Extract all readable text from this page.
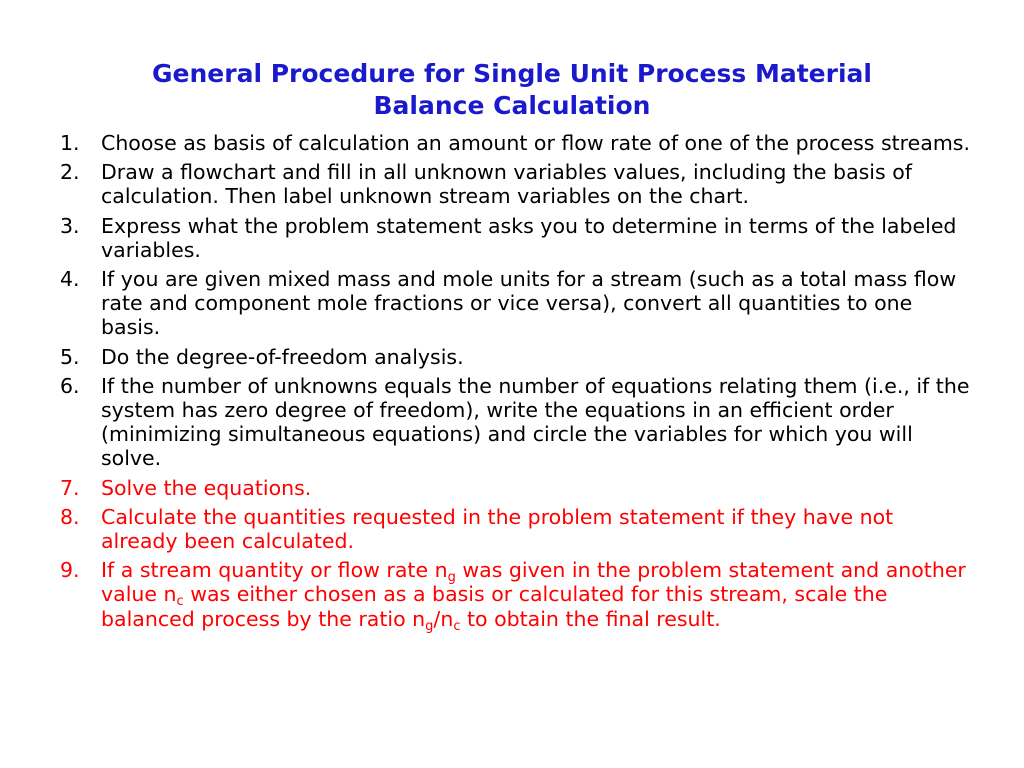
General Procedure for Single Unit Process Material
Balance Calculation
1. Choose as basis of calculation an amount or flow rate of one of the process streams.
2. Draw a flowchart and fill in all unknown variables values, including the basis of calculation. Then label unknown stream variables on the chart.
3. Express what the problem statement asks you to determine in terms of the labeled variables.
4. If you are given mixed mass and mole units for a stream (such as a total mass flow rate and component mole fractions or vice versa), convert all quantities to one basis.
5. Do the degree-of-freedom analysis.
6. If the number of unknowns equals the number of equations relating them (i.e., if the system has zero degree of freedom), write the equations in an efficient order (minimizing simultaneous equations) and circle the variables for which you will solve.
7. Solve the equations.
8. Calculate the quantities requested in the problem statement if they have not already been calculated.
9. If a stream quantity or flow rate $n_g$ was given in the problem statement and another value $n_c$ was either chosen as a basis or calculated for this stream, scale the balanced process by the ratio $n_g/n_c$ to obtain the final result.
